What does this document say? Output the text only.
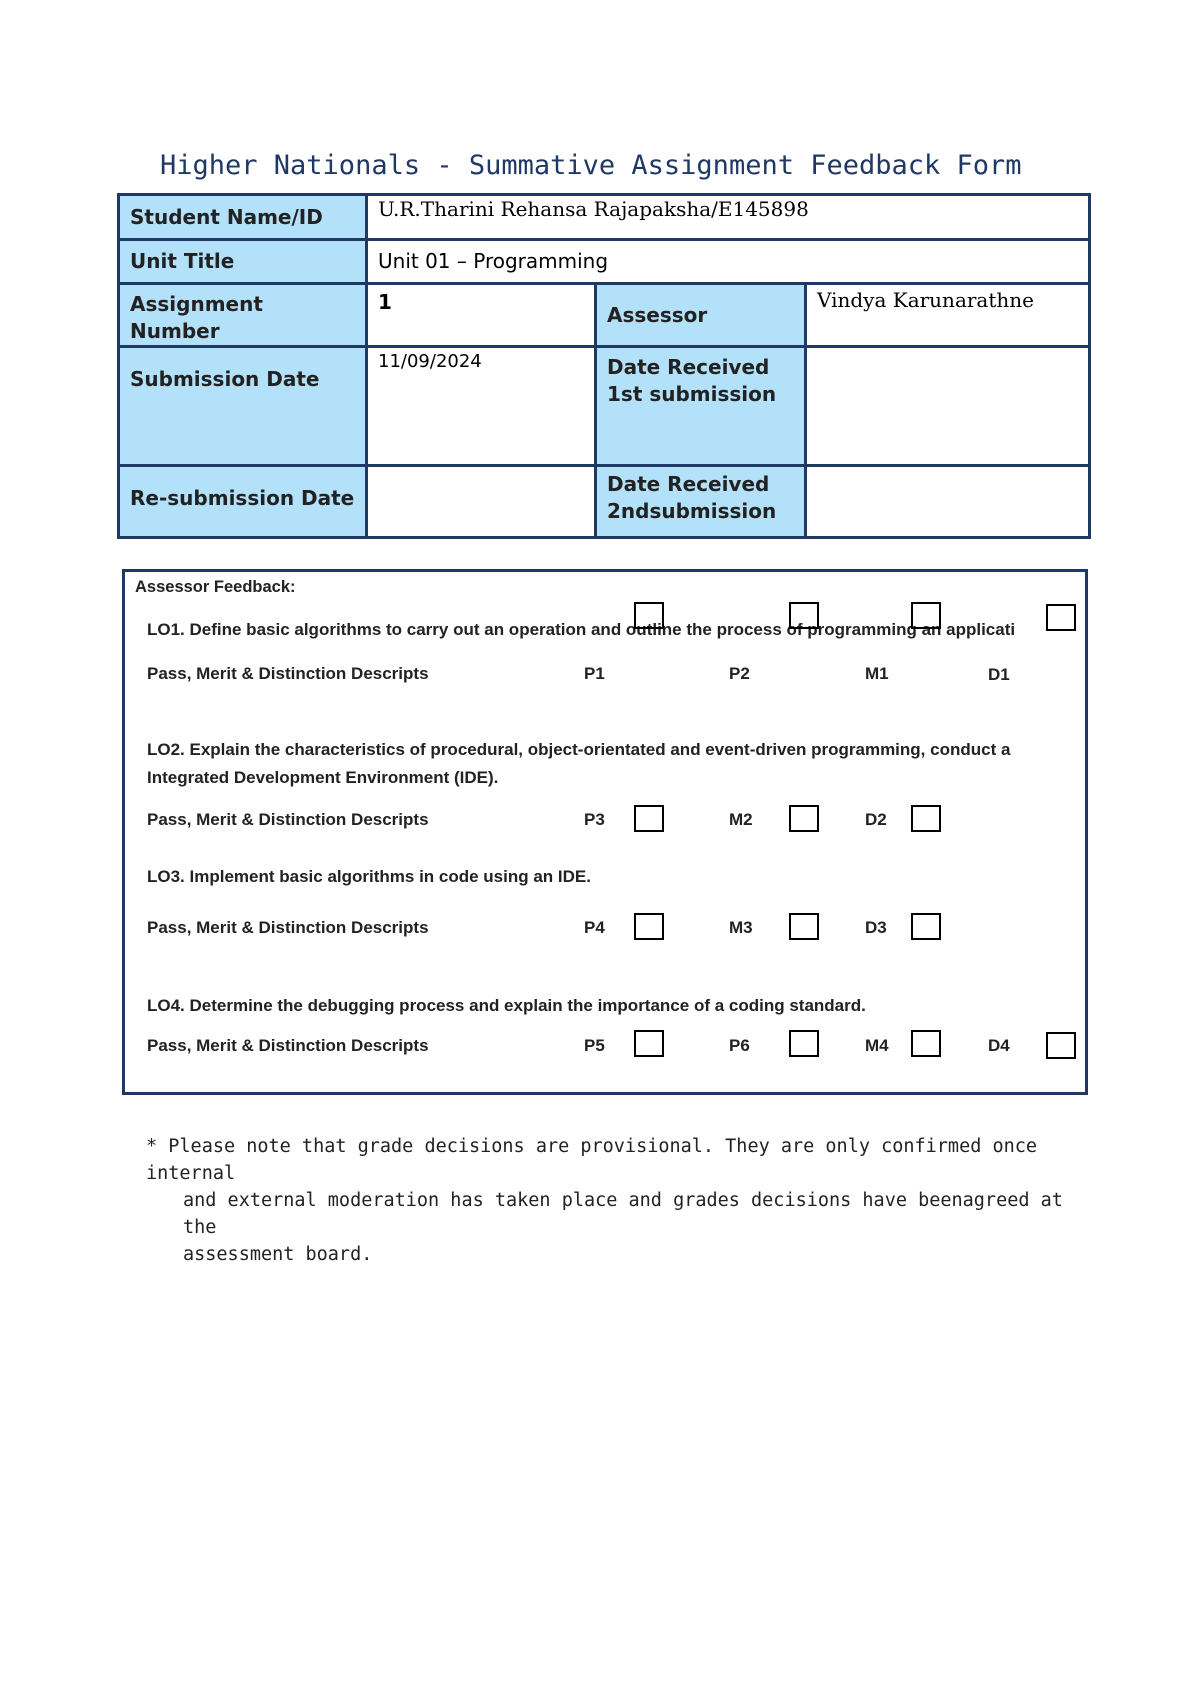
Higher Nationals - Summative Assignment Feedback Form
Student Name/ID	U.R.Tharini Rehansa Rajapaksha/E145898		
Unit Title	Unit 01 – Programming		
Assignment Number	1	Assessor	Vindya Karunarathne
Submission Date	11/09/2024	Date Received 1st submission	
Re-submission Date		Date Received 2ndsubmission	
Assessor Feedback:
LO1. Define basic algorithms to carry out an operation and outline the process of programming an applicati
Pass, Merit & Distinction Descripts	P1	P2	M1	D1
LO2. Explain the characteristics of procedural, object-orientated and event-driven programming, conduct a
Integrated Development Environment (IDE).
Pass, Merit & Distinction Descripts	P3	M2	D2
LO3. Implement basic algorithms in code using an IDE.
Pass, Merit & Distinction Descripts	P4	M3	D3
LO4. Determine the debugging process and explain the importance of a coding standard.
Pass, Merit & Distinction Descripts	P5	P6	M4	D4
* Please note that grade decisions are provisional. They are only confirmed once internal
and external moderation has taken place and grades decisions have beenagreed at the
assessment board.
